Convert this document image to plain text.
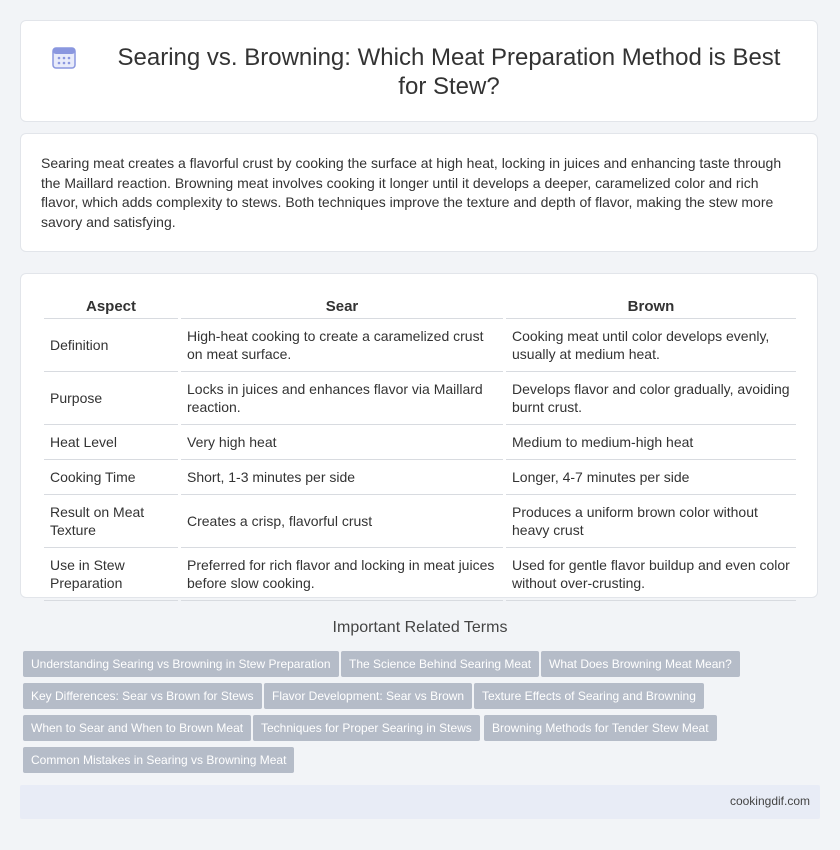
Searing vs. Browning: Which Meat Preparation Method is Best for Stew?

Searing meat creates a flavorful crust by cooking the surface at high heat, locking in juices and enhancing taste through the Maillard reaction. Browning meat involves cooking it longer until it develops a deeper, caramelized color and rich flavor, which adds complexity to stews. Both techniques improve the texture and depth of flavor, making the stew more savory and satisfying.

Aspect	Sear	Brown
Definition	High-heat cooking to create a caramelized crust on meat surface.	Cooking meat until color develops evenly, usually at medium heat.
Purpose	Locks in juices and enhances flavor via Maillard reaction.	Develops flavor and color gradually, avoiding burnt crust.
Heat Level	Very high heat	Medium to medium-high heat
Cooking Time	Short, 1-3 minutes per side	Longer, 4-7 minutes per side
Result on Meat Texture	Creates a crisp, flavorful crust	Produces a uniform brown color without heavy crust
Use in Stew Preparation	Preferred for rich flavor and locking in meat juices before slow cooking.	Used for gentle flavor buildup and even color without over-crusting.
Important Related Terms
Understanding Searing vs Browning in Stew Preparation	The Science Behind Searing Meat	What Does Browning Meat Mean?
Key Differences: Sear vs Brown for Stews	Flavor Development: Sear vs Brown	Texture Effects of Searing and Browning
When to Sear and When to Brown Meat	Techniques for Proper Searing in Stews	Browning Methods for Tender Stew Meat
Common Mistakes in Searing vs Browning Meat
cookingdif.com
